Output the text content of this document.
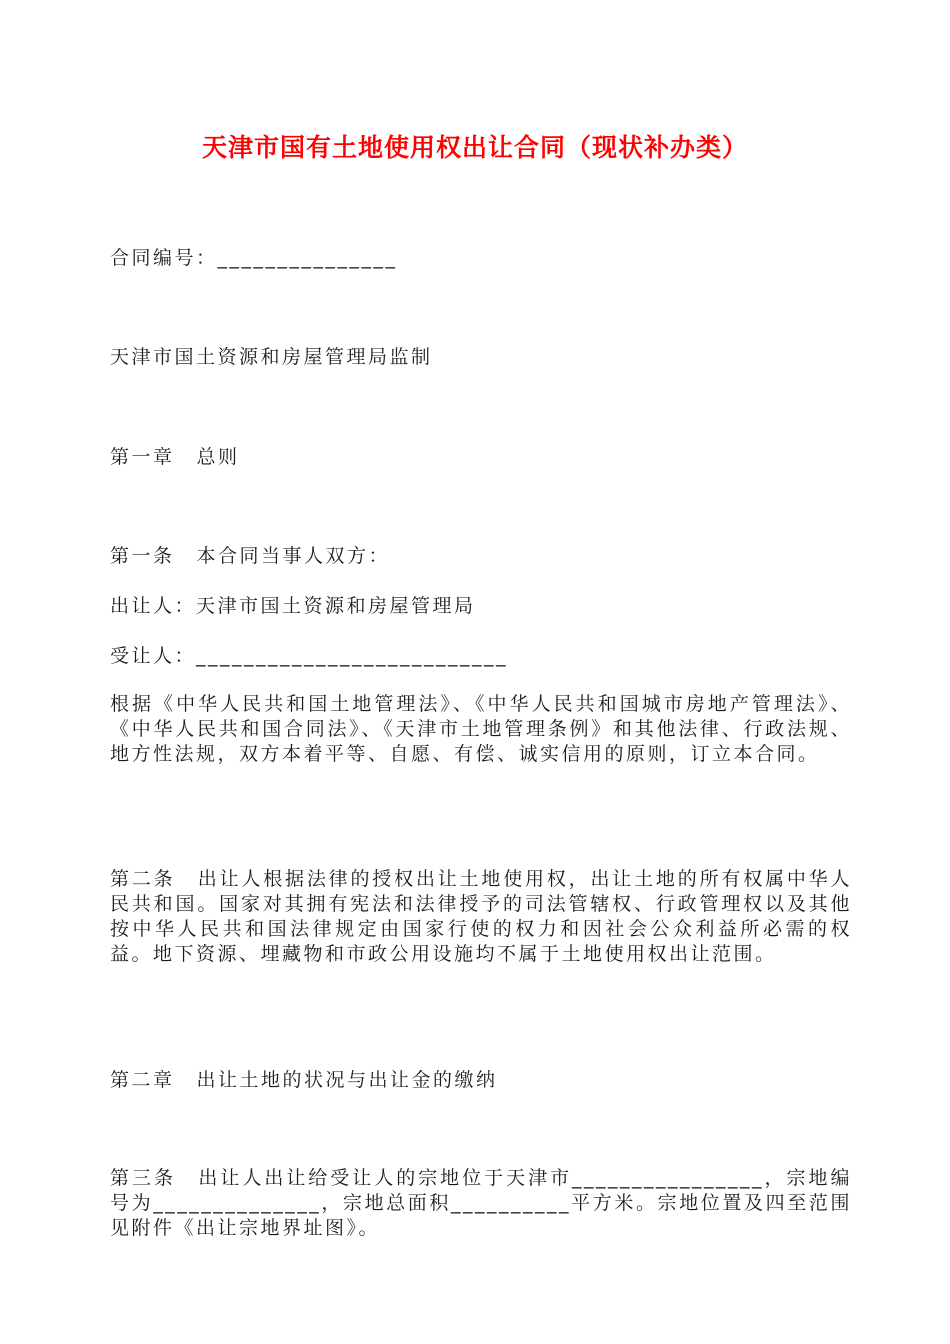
天津市国有土地使用权出让合同（现状补办类）

合同编号：_______________

天津市国土资源和房屋管理局监制

第一章 总则

第一条 本合同当事人双方：

出让人：天津市国土资源和房屋管理局

受让人：__________________________

根据《中华人民共和国土地管理法》、《中华人民共和国城市房地产管理法》、《中华人民共和国合同法》、《天津市土地管理条例》和其他法律、行政法规、地方性法规，双方本着平等、自愿、有偿、诚实信用的原则，订立本合同。

第二条 出让人根据法律的授权出让土地使用权，出让土地的所有权属中华人民共和国。国家对其拥有宪法和法律授予的司法管辖权、行政管理权以及其他按中华人民共和国法律规定由国家行使的权力和因社会公众利益所必需的权益。地下资源、埋藏物和市政公用设施均不属于土地使用权出让范围。

第二章 出让土地的状况与出让金的缴纳

第三条 出让人出让给受让人的宗地位于天津市________________，宗地编号为______________，宗地总面积__________平方米。宗地位置及四至范围见附件《出让宗地界址图》。
